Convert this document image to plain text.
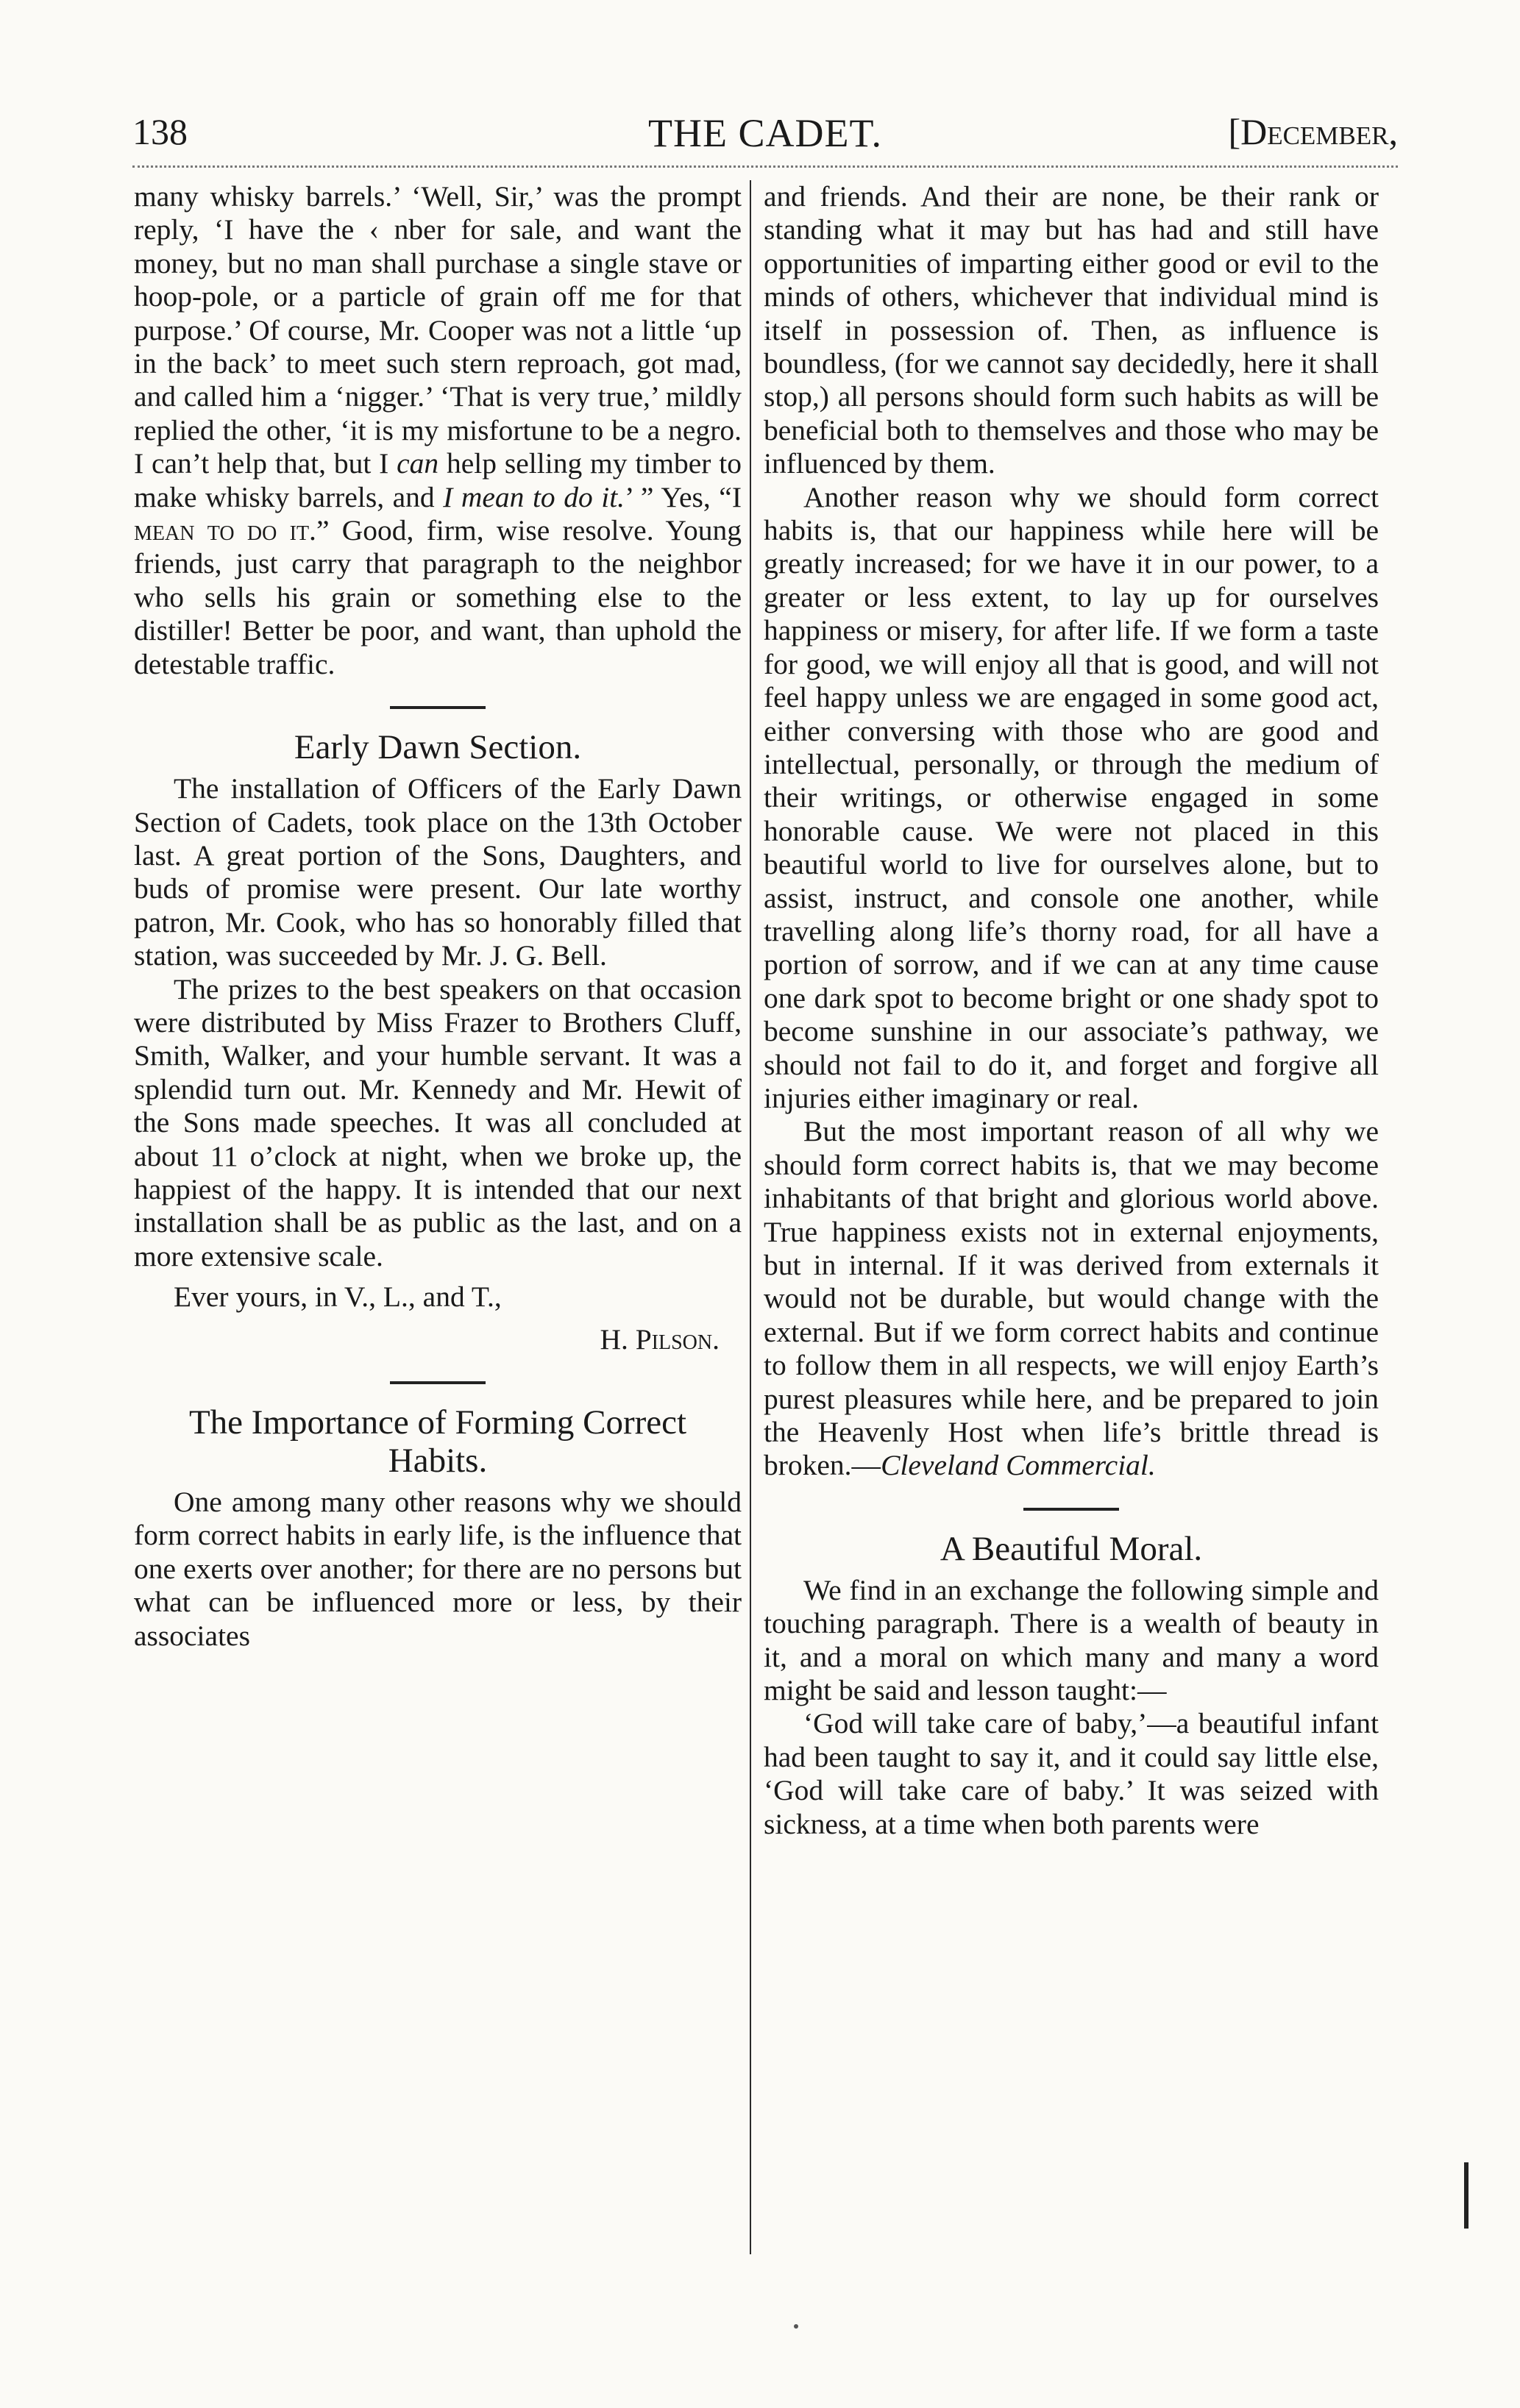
138	THE CADET.	[December,

many whisky barrels.’ ‘Well, Sir,’ was the prompt reply, ‘I have the ‹ nber for sale, and want the money, but no man shall purchase a single stave or hoop-pole, or a particle of grain off me for that purpose.’ Of course, Mr. Cooper was not a little ‘up in the back’ to meet such stern reproach, got mad, and called him a ‘nigger.’ ‘That is very true,’ mildly replied the other, ‘it is my misfortune to be a negro. I can’t help that, but I can help selling my timber to make whisky barrels, and I mean to do it.’ ” Yes, “I mean to do it.” Good, firm, wise resolve. Young friends, just carry that paragraph to the neighbor who sells his grain or something else to the distiller! Better be poor, and want, than uphold the detestable traffic.

Early Dawn Section.

The installation of Officers of the Early Dawn Section of Cadets, took place on the 13th October last. A great portion of the Sons, Daughters, and buds of promise were present. Our late worthy patron, Mr. Cook, who has so honorably filled that station, was succeeded by Mr. J. G. Bell.

The prizes to the best speakers on that occasion were distributed by Miss Frazer to Brothers Cluff, Smith, Walker, and your humble servant. It was a splendid turn out. Mr. Kennedy and Mr. Hewit of the Sons made speeches. It was all concluded at about 11 o’clock at night, when we broke up, the happiest of the happy. It is intended that our next installation shall be as public as the last, and on a more extensive scale.

Ever yours, in V., L., and T.,

H. Pilson.

The Importance of Forming Correct
Habits.

One among many other reasons why we should form correct habits in early life, is the influence that one exerts over another; for there are no persons but what can be influenced more or less, by their associates

and friends. And their are none, be their rank or standing what it may but has had and still have opportunities of imparting either good or evil to the minds of others, whichever that individual mind is itself in possession of. Then, as influence is boundless, (for we cannot say decidedly, here it shall stop,) all persons should form such habits as will be beneficial both to themselves and those who may be influenced by them.

Another reason why we should form correct habits is, that our happiness while here will be greatly increased; for we have it in our power, to a greater or less extent, to lay up for ourselves happiness or misery, for after life. If we form a taste for good, we will enjoy all that is good, and will not feel happy unless we are engaged in some good act, either conversing with those who are good and intellectual, personally, or through the medium of their writings, or otherwise engaged in some honorable cause. We were not placed in this beautiful world to live for ourselves alone, but to assist, instruct, and console one another, while travelling along life’s thorny road, for all have a portion of sorrow, and if we can at any time cause one dark spot to become bright or one shady spot to become sunshine in our associate’s pathway, we should not fail to do it, and forget and forgive all injuries either imaginary or real.

But the most important reason of all why we should form correct habits is, that we may become inhabitants of that bright and glorious world above. True happiness exists not in external enjoyments, but in internal. If it was derived from externals it would not be durable, but would change with the external. But if we form correct habits and continue to follow them in all respects, we will enjoy Earth’s purest pleasures while here, and be prepared to join the Heavenly Host when life’s brittle thread is broken.—Cleveland Commercial.

A Beautiful Moral.

We find in an exchange the following simple and touching paragraph. There is a wealth of beauty in it, and a moral on which many and many a word might be said and lesson taught:—

‘God will take care of baby,’—a beautiful infant had been taught to say it, and it could say little else, ‘God will take care of baby.’ It was seized with sickness, at a time when both parents were
